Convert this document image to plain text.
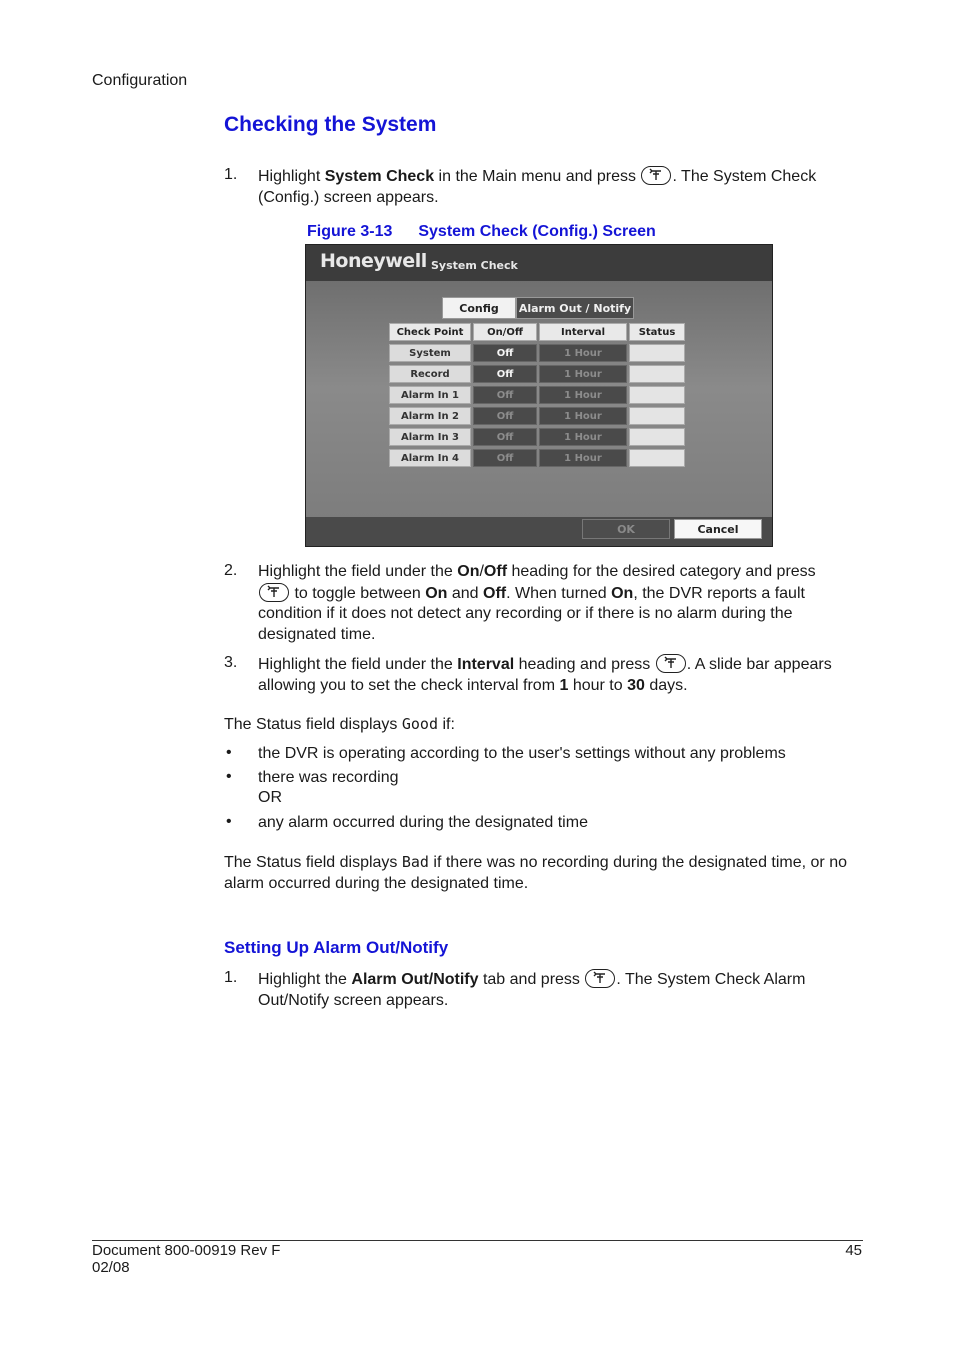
Configuration
Checking the System
1. Highlight System Check in the Main menu and press
. The System Check (Config.) screen appears.
Figure 3-13 System Check (Config.) Screen
Honeywell System Check
Config	Alarm Out / Notify
Check Point	On/Off	Interval	Status
System	Off	1 Hour
Record	Off	1 Hour
Alarm In 1	Off	1 Hour
Alarm In 2	Off	1 Hour
Alarm In 3	Off	1 Hour
Alarm In 4	Off	1 Hour
OK	Cancel
2. Highlight the field under the On/Off heading for the desired category and press

to toggle between On and Off. When turned On, the DVR reports a fault condition if it does not detect any recording or if there is no alarm during the designated time.
3. Highlight the field under the Interval heading and press
. A slide bar appears allowing you to set the check interval from 1 hour to 30 days.
The Status field displays Good if:
• the DVR is operating according to the user's settings without any problems
• there was recording
OR
• any alarm occurred during the designated time
The Status field displays Bad if there was no recording during the designated time, or no alarm occurred during the designated time.
Setting Up Alarm Out/Notify
1. Highlight the Alarm Out/Notify tab and press
. The System Check Alarm Out/Notify screen appears.
Document 800-00919 Rev F
02/08
45
